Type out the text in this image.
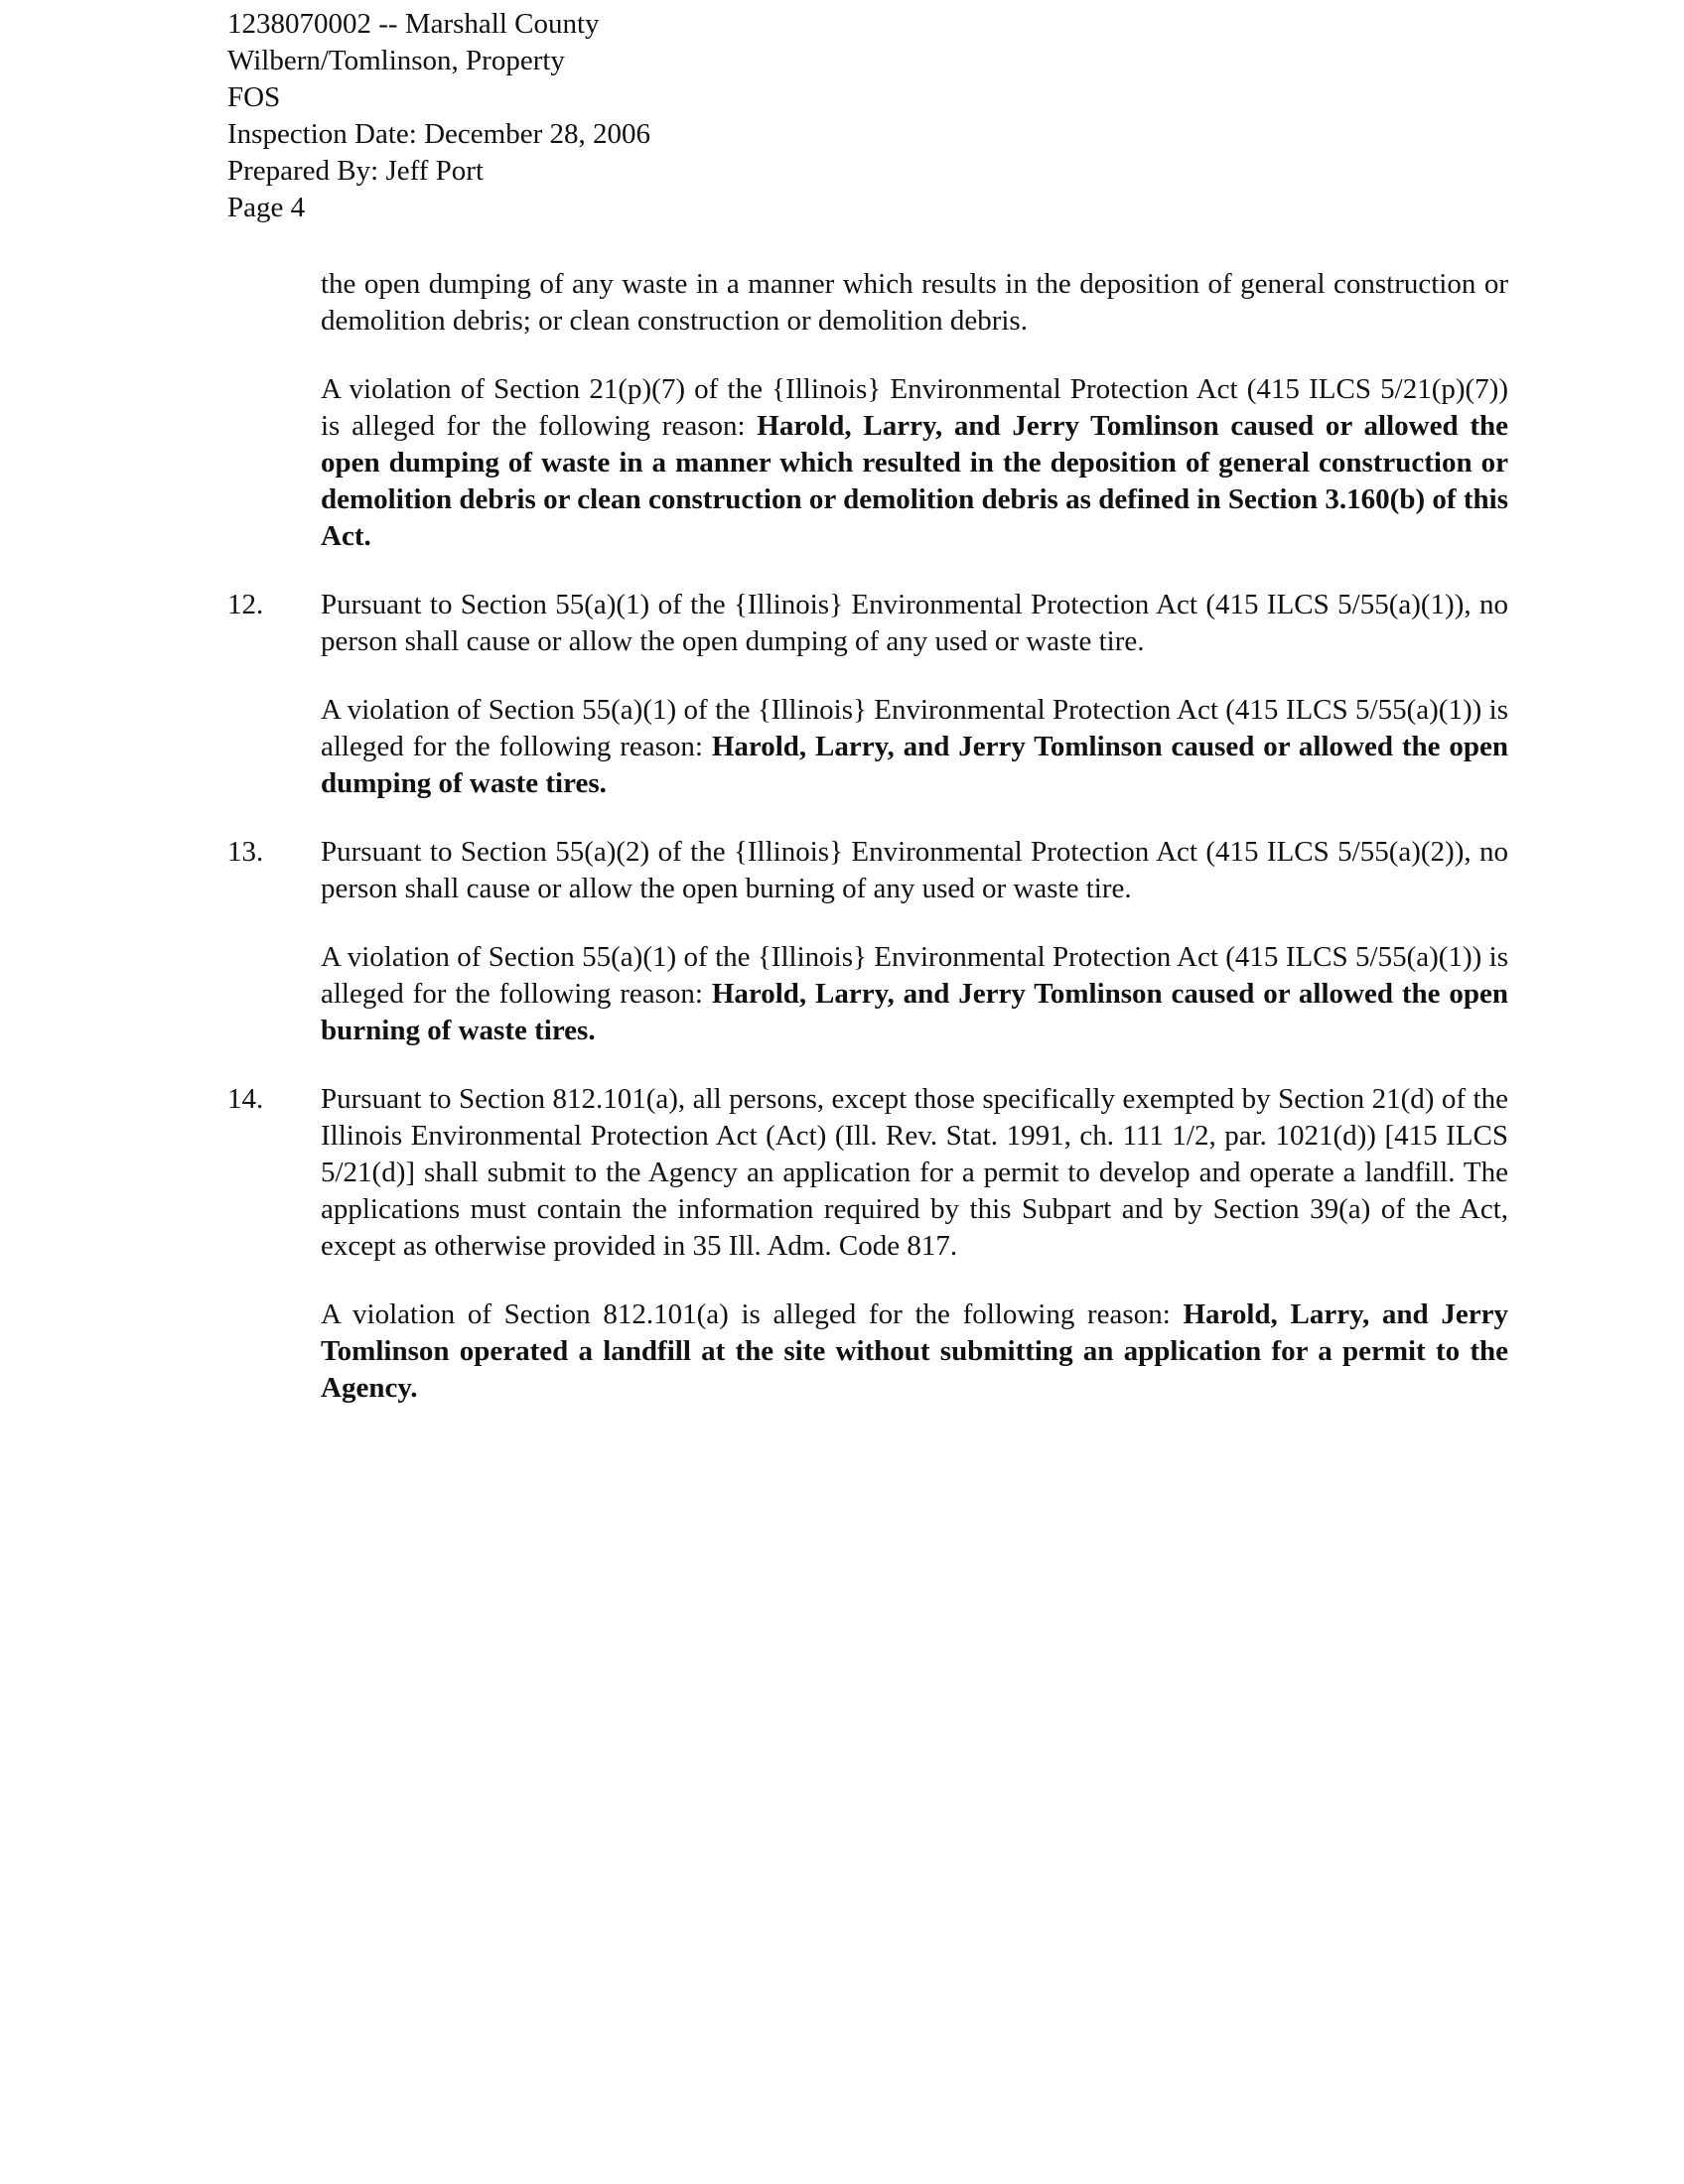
1238070002 -- Marshall County
Wilbern/Tomlinson, Property
FOS
Inspection Date: December 28, 2006
Prepared By: Jeff Port
Page 4

the open dumping of any waste in a manner which results in the deposition of general construction or demolition debris; or clean construction or demolition debris.

A violation of Section 21(p)(7) of the {Illinois} Environmental Protection Act (415 ILCS 5/21(p)(7)) is alleged for the following reason: Harold, Larry, and Jerry Tomlinson caused or allowed the open dumping of waste in a manner which resulted in the deposition of general construction or demolition debris or clean construction or demolition debris as defined in Section 3.160(b) of this Act.

12.	Pursuant to Section 55(a)(1) of the {Illinois} Environmental Protection Act (415 ILCS 5/55(a)(1)), no person shall cause or allow the open dumping of any used or waste tire.

A violation of Section 55(a)(1) of the {Illinois} Environmental Protection Act (415 ILCS 5/55(a)(1)) is alleged for the following reason: Harold, Larry, and Jerry Tomlinson caused or allowed the open dumping of waste tires.

13.	Pursuant to Section 55(a)(2) of the {Illinois} Environmental Protection Act (415 ILCS 5/55(a)(2)), no person shall cause or allow the open burning of any used or waste tire.

A violation of Section 55(a)(1) of the {Illinois} Environmental Protection Act (415 ILCS 5/55(a)(1)) is alleged for the following reason: Harold, Larry, and Jerry Tomlinson caused or allowed the open burning of waste tires.

14.	Pursuant to Section 812.101(a), all persons, except those specifically exempted by Section 21(d) of the Illinois Environmental Protection Act (Act) (Ill. Rev. Stat. 1991, ch. 111 1/2, par. 1021(d)) [415 ILCS 5/21(d)] shall submit to the Agency an application for a permit to develop and operate a landfill. The applications must contain the information required by this Subpart and by Section 39(a) of the Act, except as otherwise provided in 35 Ill. Adm. Code 817.

A violation of Section 812.101(a) is alleged for the following reason: Harold, Larry, and Jerry Tomlinson operated a landfill at the site without submitting an application for a permit to the Agency.
